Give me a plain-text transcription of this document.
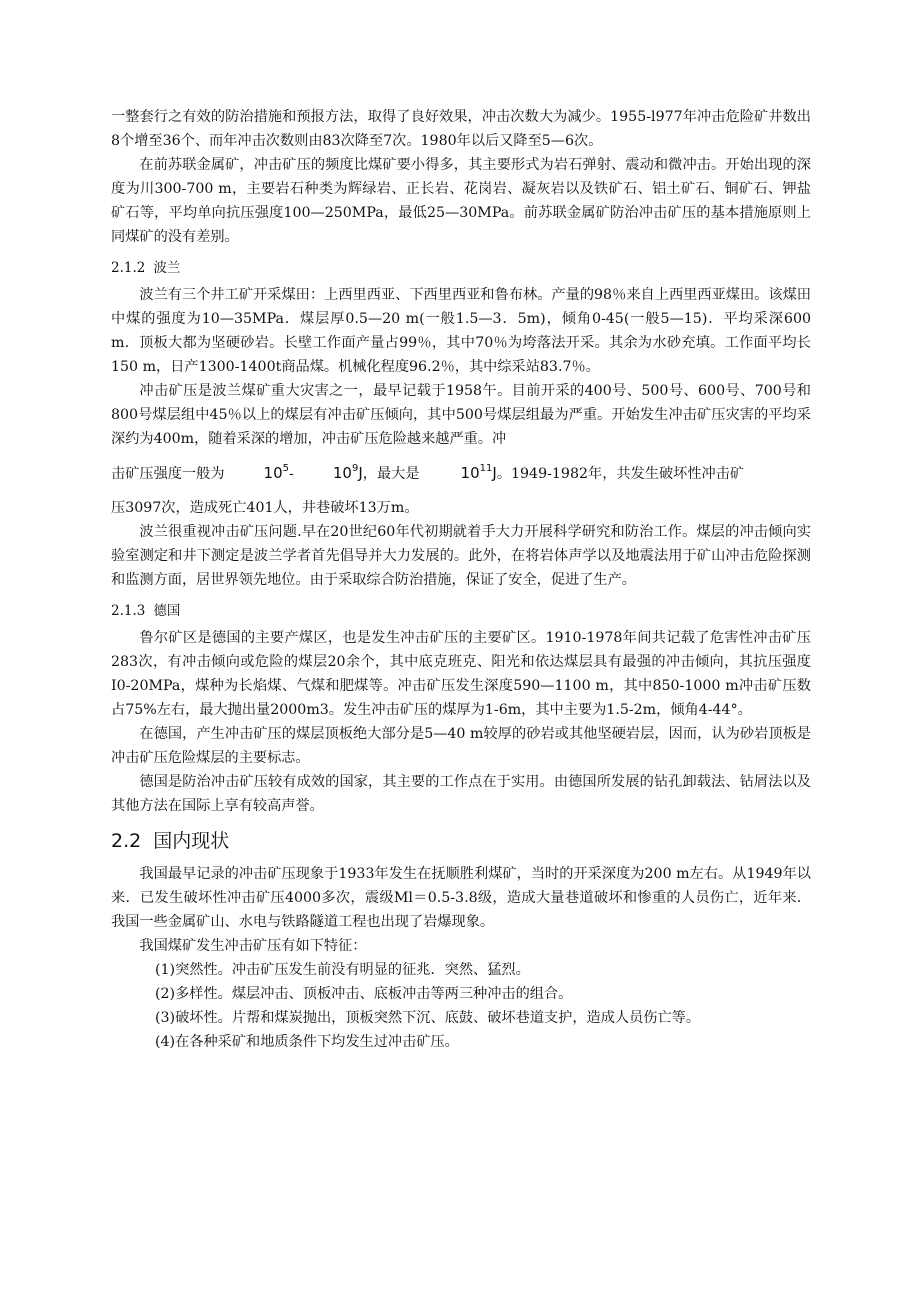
一整套行之有效的防治措施和预报方法，取得了良好效果，冲击次数大为减少。1955-l977年冲击危险矿井数出8个增至36个、而年冲击次数则由83次降至7次。1980年以后又降至5—6次。

在前苏联金属矿，冲击矿压的频度比煤矿要小得多，其主要形式为岩石弹射、震动和微冲击。开始出现的深度为川300-700 m，主要岩石种类为辉绿岩、正长岩、花岗岩、凝灰岩以及铁矿石、铝土矿石、铜矿石、钾盐矿石等，平均单向抗压强度100—250MPa，最低25—30MPa。前苏联金属矿防治冲击矿压的基本措施原则上同煤矿的没有差别。

2.1.2 波兰

波兰有三个井工矿开采煤田：上西里西亚、下西里西亚和鲁布林。产量的98％来自上西里西亚煤田。该煤田中煤的强度为10—35MPa．煤层厚0.5—20 m(一般1.5—3．5m)，倾角0-45(一般5—15)．平均采深600 m．顶板大都为坚硬砂岩。长壁工作面产量占99％，其中70％为垮落法开采。其余为水砂充填。工作面平均长150 m，日产1300-1400t商品煤。机械化程度96.2％，其中综采站83.7％。

冲击矿压是波兰煤矿重大灾害之一，最早记载于1958午。目前开采的400号、500号、600号、700号和800号煤层组中45％以上的煤层有冲击矿压倾向，其中500号煤层组最为严重。开始发生冲击矿压灾害的平均采深约为400m，随着采深的增加，冲击矿压危险越来越严重。冲

击矿压强度一般为	$10^5-$	$10^9J$，最大是	$10^{11}J$。1949-1982年，共发生破坏性冲击矿

压3097次，造成死亡401人，井巷破坏13万m。

波兰很重视冲击矿压问题.早在20世纪60年代初期就着手大力开展科学研究和防治工作。煤层的冲击倾向实验室测定和井下测定是波兰学者首先倡导并大力发展的。此外，在将岩体声学以及地震法用于矿山冲击危险探测和监测方面，居世界领先地位。由于采取综合防治措施，保证了安全，促进了生产。

2.1.3 德国

鲁尔矿区是德国的主要产煤区，也是发生冲击矿压的主要矿区。1910-1978年间共记载了危害性冲击矿压283次，有冲击倾向或危险的煤层20余个，其中底克班克、阳光和依达煤层具有最强的冲击倾向，其抗压强度I0-20MPa，煤种为长焰煤、气煤和肥煤等。冲击矿压发生深度590—1100 m，其中850-1000 m冲击矿压数占75%左右，最大抛出量2000m3。发生冲击矿压的煤厚为1-6m，其中主要为1.5-2m，倾角4-44°。

在德国，产生冲击矿压的煤层顶板绝大部分是5—40 m较厚的砂岩或其他坚硬岩层，因而，认为砂岩顶板是冲击矿压危险煤层的主要标志。

德国是防治冲击矿压较有成效的国家，其主要的工作点在于实用。由德国所发展的钻孔卸载法、钻屑法以及其他方法在国际上享有较高声誉。

2.2 国内现状

我国最早记录的冲击矿压现象于1933年发生在抚顺胜利煤矿，当时的开采深度为200 m左右。从1949年以来．已发生破坏性冲击矿压4000多次，震级Ml＝0.5-3.8级，造成大量巷道破坏和惨重的人员伤亡，近年来．我国一些金属矿山、水电与铁路隧道工程也出现了岩爆现象。

我国煤矿发生冲击矿压有如下特征：

(1)突然性。冲击矿压发生前没有明显的征兆．突然、猛烈。

(2)多样性。煤层冲击、顶板冲击、底板冲击等两三种冲击的组合。

(3)破坏性。片帮和煤炭抛出，顶板突然下沉、底鼓、破坏巷道支护，造成人员伤亡等。

(4)在各种采矿和地质条件下均发生过冲击矿压。
